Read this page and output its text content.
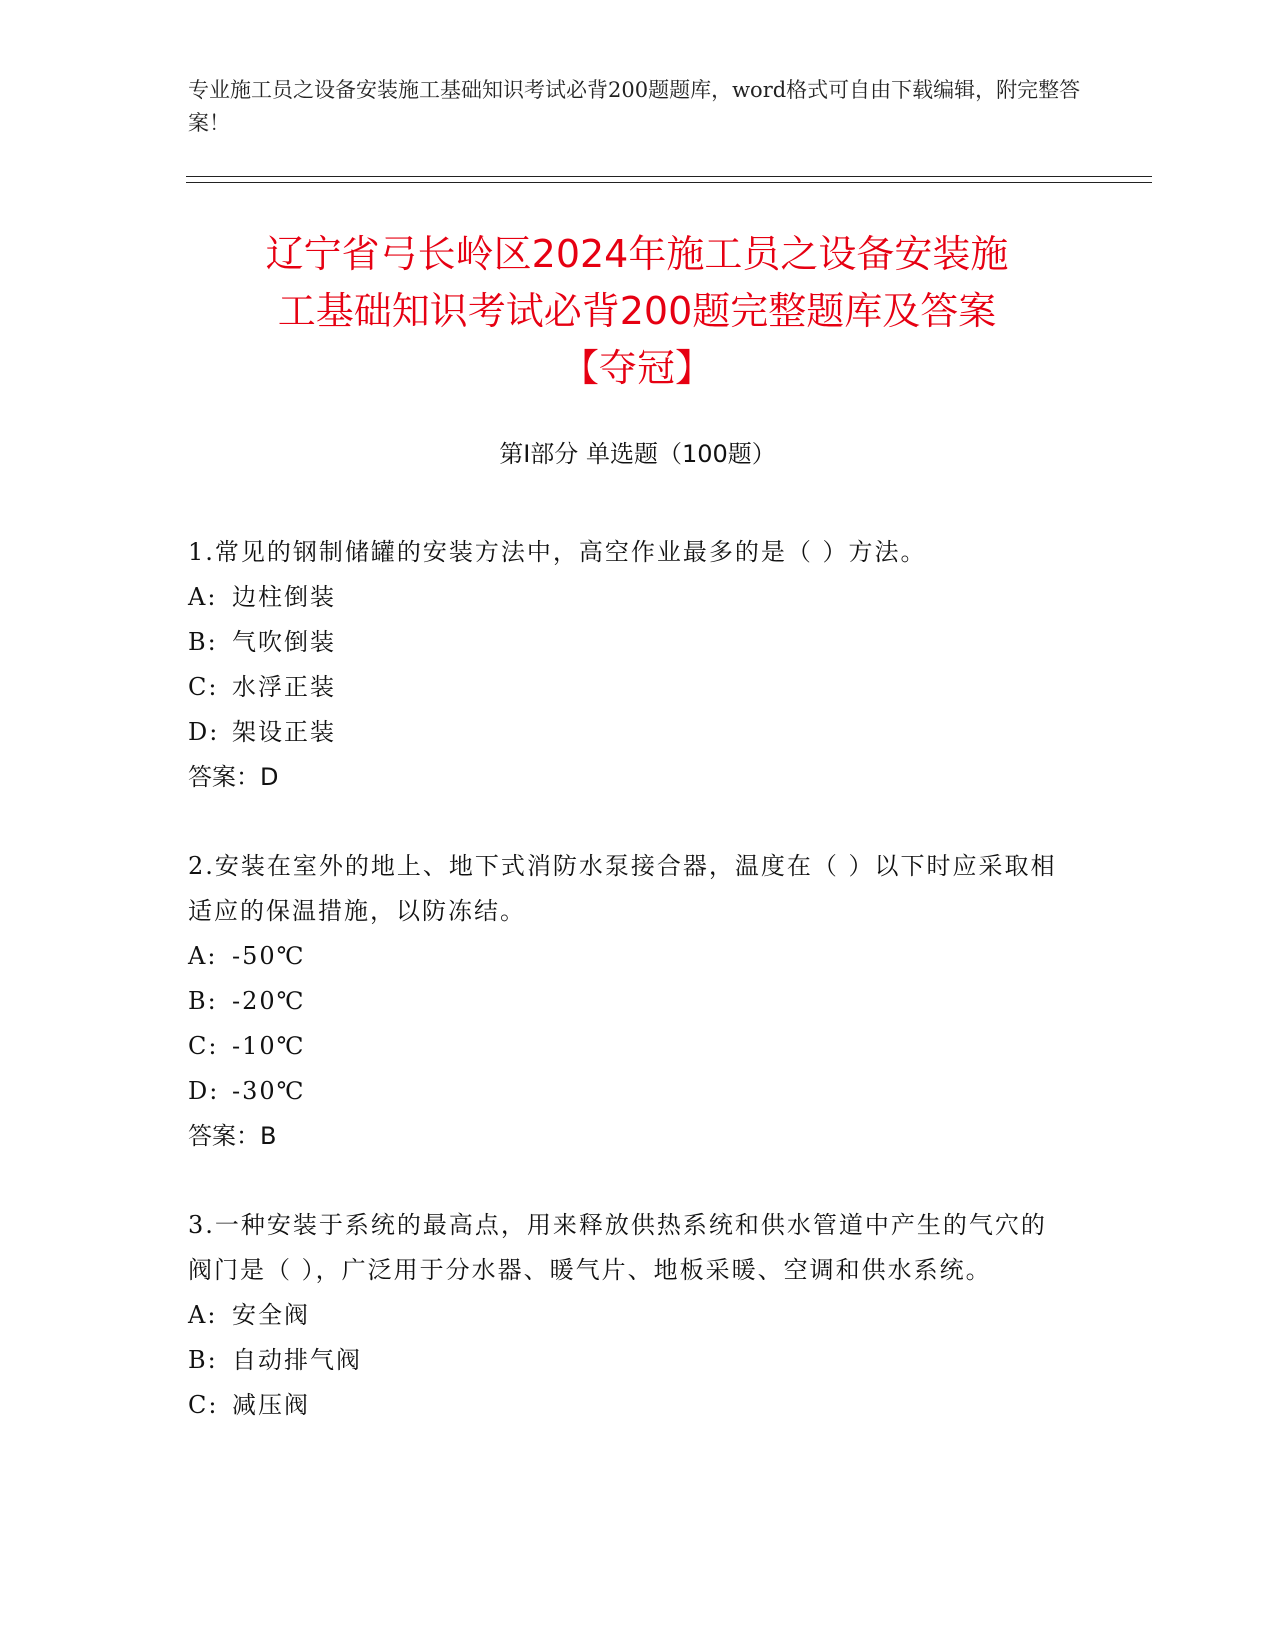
专业施工员之设备安装施工基础知识考试必背200题题库，word格式可自由下载编辑，附完整答案！
辽宁省弓长岭区2024年施工员之设备安装施
工基础知识考试必背200题完整题库及答案
【夺冠】
第I部分 单选题（100题）
1.常见的钢制储罐的安装方法中，高空作业最多的是（ ）方法。
A: 边柱倒装
B: 气吹倒装
C: 水浮正装
D: 架设正装
答案：D
2.安装在室外的地上、地下式消防水泵接合器，温度在（ ）以下时应采取相适应的保温措施，以防冻结。
A: -50℃
B: -20℃
C: -10℃
D: -30℃
答案：B
3.一种安装于系统的最高点，用来释放供热系统和供水管道中产生的气穴的阀门是（ ），广泛用于分水器、暖气片、地板采暖、空调和供水系统。
A: 安全阀
B: 自动排气阀
C: 减压阀
